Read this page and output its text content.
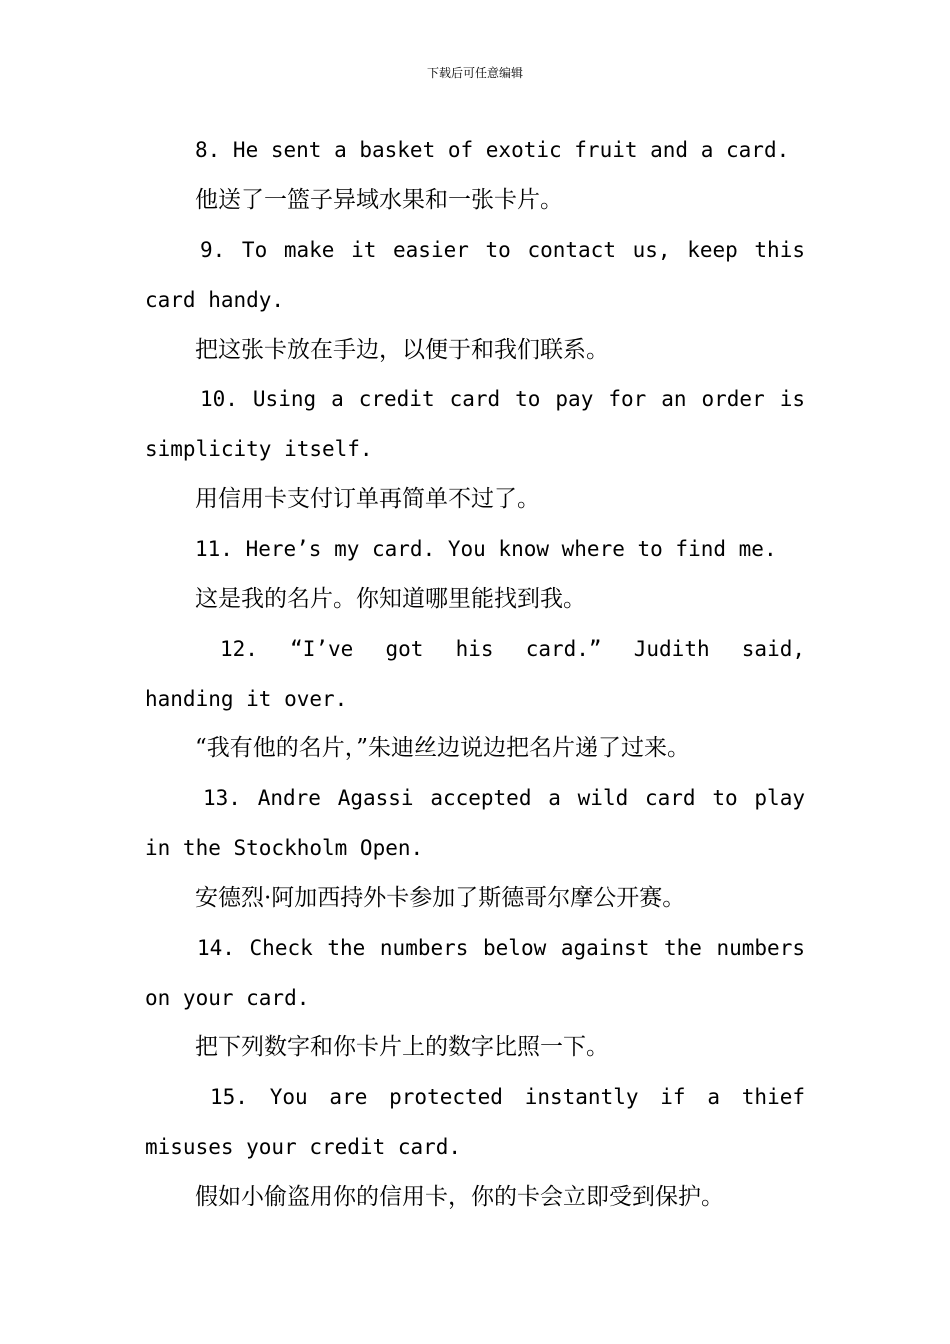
下载后可任意编辑

8. He sent a basket of exotic fruit and a card.

他送了一篮子异域水果和一张卡片。

9. To make it easier to contact us, keep this

card handy.

把这张卡放在手边，以便于和我们联系。

10. Using a credit card to pay for an order is

simplicity itself.

用信用卡支付订单再简单不过了。

11. Here’s my card. You know where to find me.

这是我的名片。你知道哪里能找到我。

12. “I’ve got his card.” Judith said,

handing it over.

“我有他的名片，”朱迪丝边说边把名片递了过来。

13. Andre Agassi accepted a wild card to play

in the Stockholm Open.

安德烈·阿加西持外卡参加了斯德哥尔摩公开赛。

14. Check the numbers below against the numbers

on your card.

把下列数字和你卡片上的数字比照一下。

15. You are protected instantly if a thief

misuses your credit card.

假如小偷盗用你的信用卡，你的卡会立即受到保护。
